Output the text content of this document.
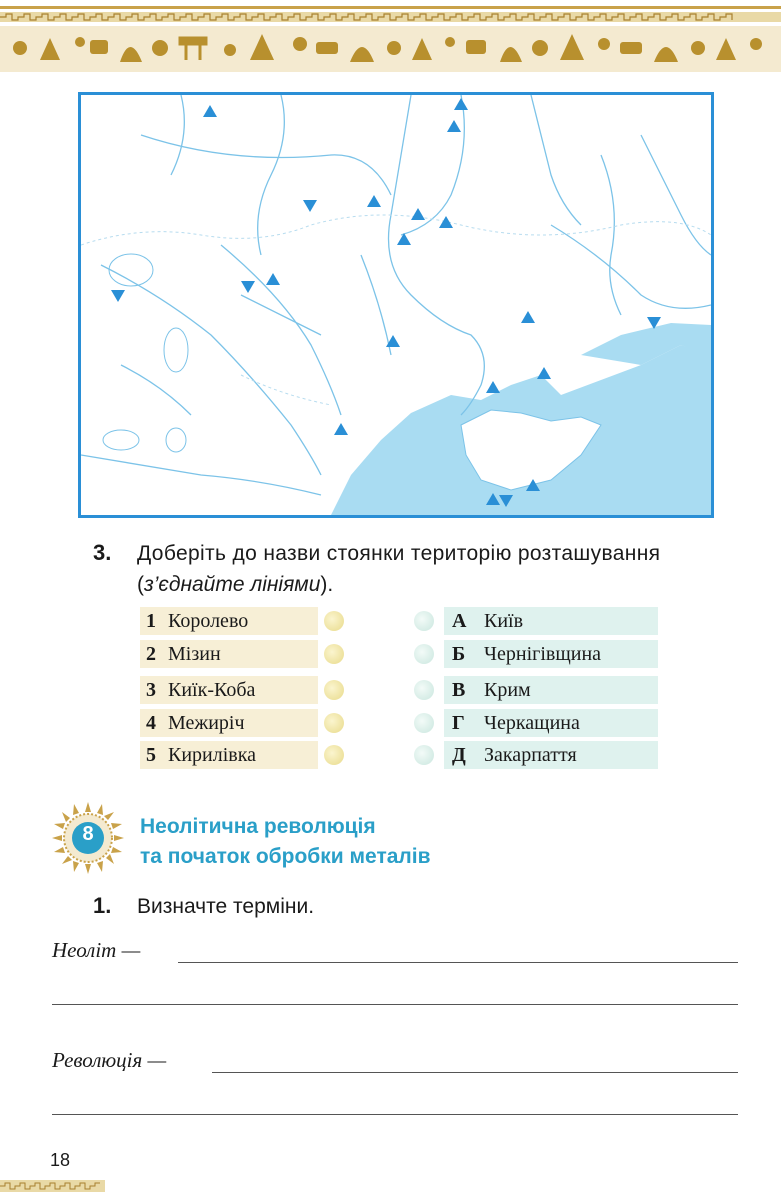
3. Доберіть до назви стоянки територію розташування
(з’єднайте лініями).
1 Королево
2 Мізин
3 Киїк-Коба
4 Межиріч
5 Кирилівка
А Київ
Б Чернігівщина
В Крим
Г Черкащина
Д Закарпаття
8	Неолітична революція
та початок обробки металів
1. Визначте терміни.
Неоліт —
Революція —
18
